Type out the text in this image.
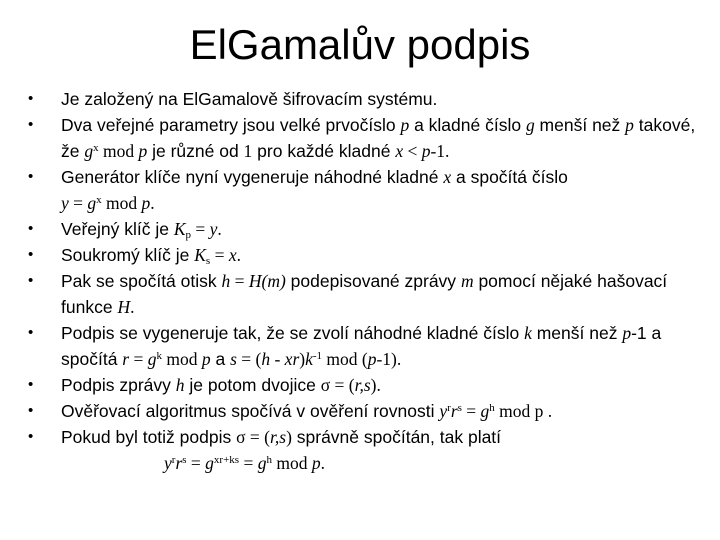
ElGamalův podpis
• Je založený na ElGamalově šifrovacím systému.
• Dva veřejné parametry jsou velké prvočíslo p a kladné číslo g menší než p takové, že $g^x$ mod p je různé od 1 pro každé kladné x < p-1.
• Generátor klíče nyní vygeneruje náhodné kladné x a spočítá číslo
$y = g^x$ mod p.
• Veřejný klíč je $K_p = y$.
• Soukromý klíč je $K_s = x$.
• Pak se spočítá otisk h = H(m) podepisované zprávy m pomocí nějaké hašovací funkce H.
• Podpis se vygeneruje tak, že se zvolí náhodné kladné číslo k menší než p-1 a spočítá $r = g^k$ mod p a $s = (h - xr)k^{-1}$ mod (p-1).
• Podpis zprávy h je potom dvojice σ = (r,s).
• Ověřovací algoritmus spočívá v ověření rovnosti $y^rr^s = g^h$ mod p .
• Pokud byl totiž podpis σ = (r,s) správně spočítán, tak platí
$y^rr^s = g^{xr+ks} = g^h$ mod p.
